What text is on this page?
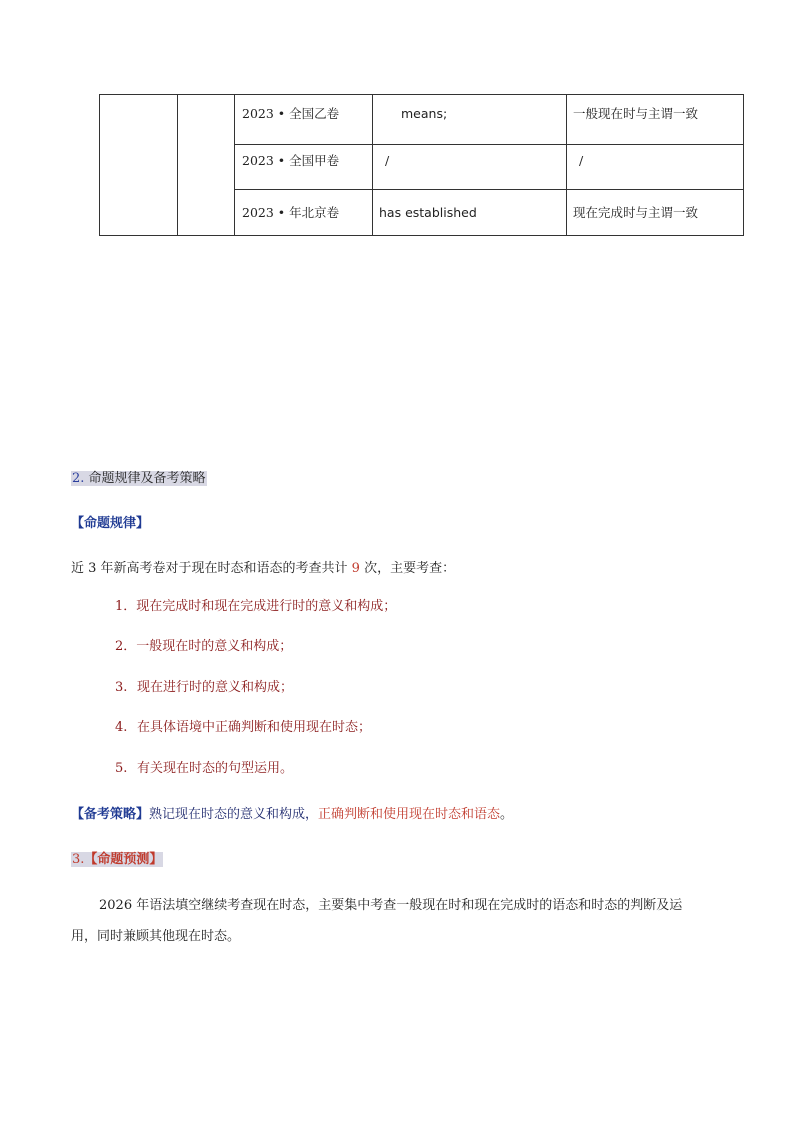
		2023 • 全国乙卷	means;	一般现在时与主谓一致
		2023 • 全国甲卷	/	/
		2023 • 年北京卷	has established	现在完成时与主谓一致
2. 命题规律及备考策略
【命题规律】
近 3 年新高考卷对于现在时态和语态的考查共计 9 次，主要考查：
1．现在完成时和现在完成进行时的意义和构成；
2．一般现在时的意义和构成；
3. 现在进行时的意义和构成；
4. 在具体语境中正确判断和使用现在时态；
5. 有关现在时态的句型运用。
【备考策略】熟记现在时态的意义和构成，正确判断和使用现在时态和语态。
3.【命题预测】
2026 年语法填空继续考查现在时态，主要集中考查一般现在时和现在完成时的语态和时态的判断及运
用，同时兼顾其他现在时态。
